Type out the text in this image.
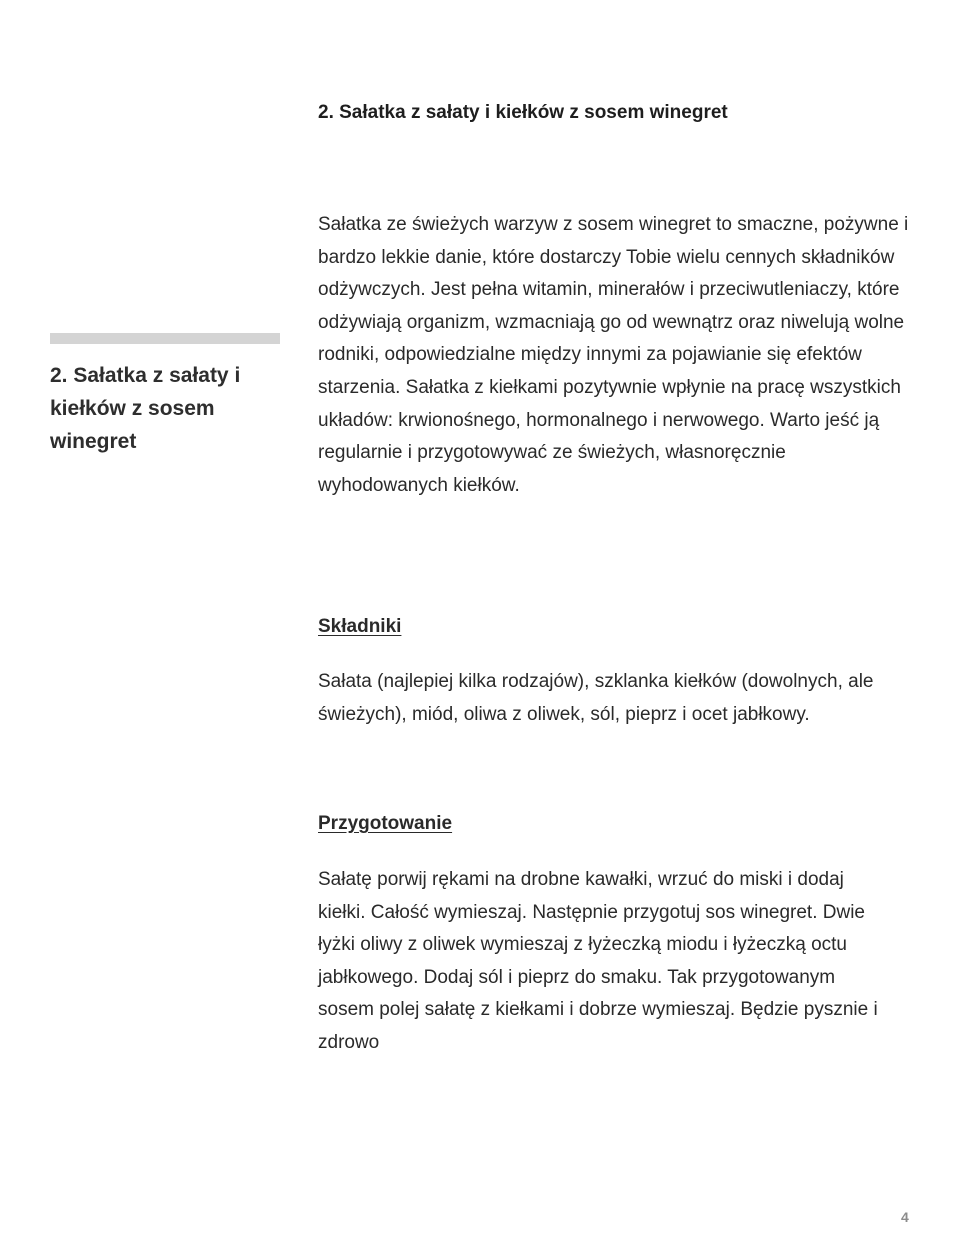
2. Sałatka z sałaty i kiełków z sosem winegret
2. Sałatka z sałaty i kiełków z sosem winegret

Sałatka ze świeżych warzyw z sosem winegret to smaczne, pożywne i bardzo lekkie danie, które dostarczy Tobie wielu cennych składników odżywczych. Jest pełna witamin, minerałów i przeciwutleniaczy, które odżywiają organizm, wzmacniają go od wewnątrz oraz niwelują wolne rodniki, odpowiedzialne między innymi za pojawianie się efektów starzenia. Sałatka z kiełkami pozytywnie wpłynie na pracę wszystkich układów: krwionośnego, hormonalnego i nerwowego. Warto jeść ją regularnie i przygotowywać ze świeżych, własnoręcznie wyhodowanych kiełków.

Składniki

Sałata (najlepiej kilka rodzajów), szklanka kiełków (dowolnych, ale świeżych), miód, oliwa z oliwek, sól, pieprz i ocet jabłkowy.

Przygotowanie

Sałatę porwij rękami na drobne kawałki, wrzuć do miski i dodaj kiełki. Całość wymieszaj. Następnie przygotuj sos winegret. Dwie łyżki oliwy z oliwek wymieszaj z łyżeczką miodu i łyżeczką octu jabłkowego. Dodaj sól i pieprz do smaku. Tak przygotowanym sosem polej sałatę z kiełkami i dobrze wymieszaj. Będzie pysznie i zdrowo

4
